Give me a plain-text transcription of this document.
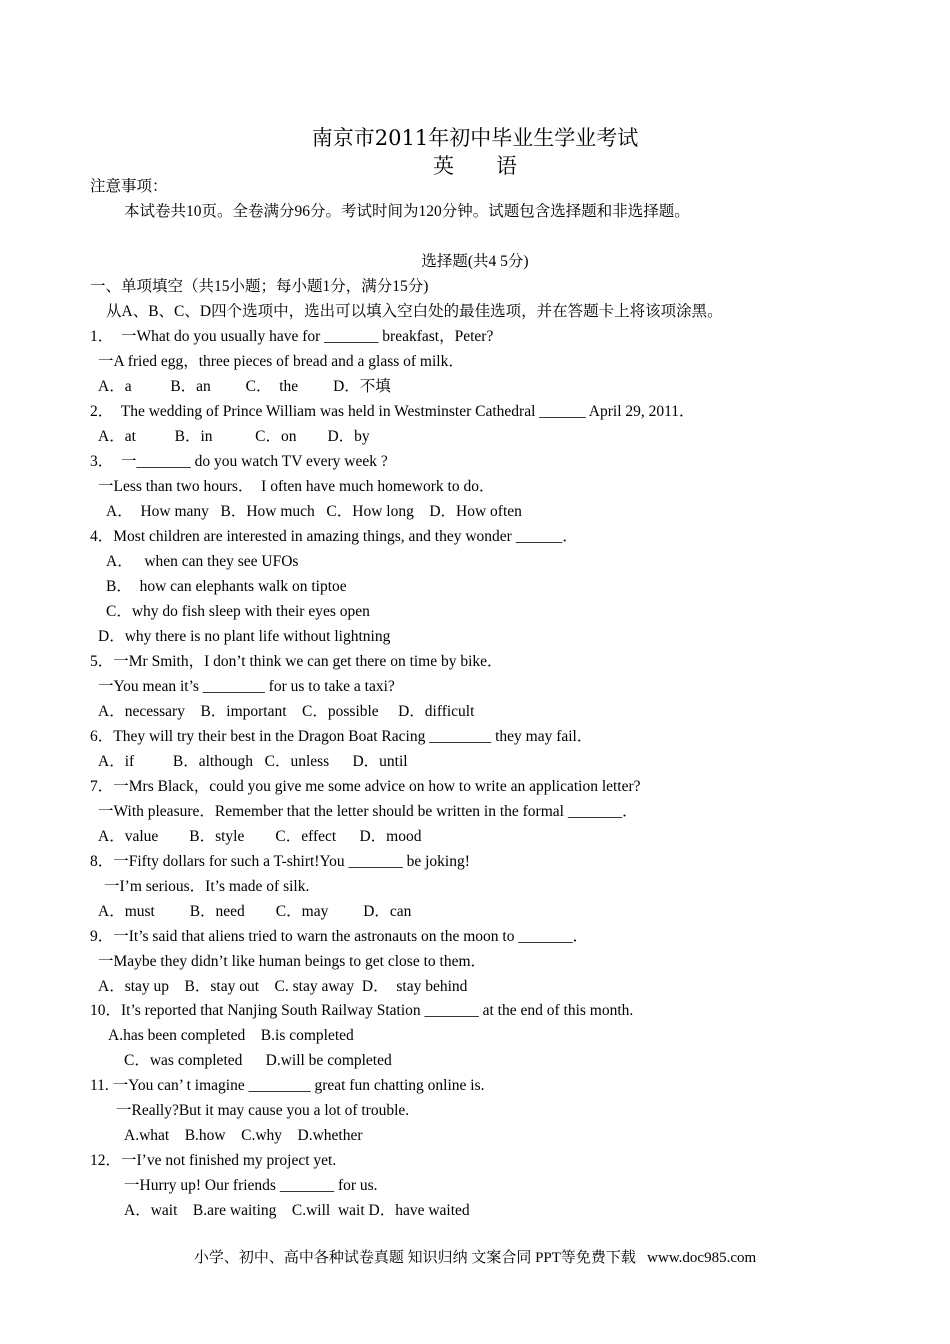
南京市2011年初中毕业生学业考试
英语
注意事项：
本试卷共10页。全卷满分96分。考试时间为120分钟。试题包含选择题和非选择题。
选择题(共4 5分)
一、单项填空（共15小题；每小题1分，满分15分)
从A、B、C、D四个选项中，选出可以填入空白处的最佳选项，并在答题卡上将该项涂黑。
1．  一What do you usually have for _______ breakfast，Peter?
一A fried egg，three pieces of bread and a glass of milk．
A．a          B．an         C．  the         D．不填
2．  The wedding of Prince William was held in Westminster Cathedral ______ April 29, 2011．
A．at          B．in           C．on        D．by
3．  一_______ do you watch TV every week ?
一Less than two hours．  I often have much homework to do．
A．  How many   B．How much   C．How long    D．How often
4．Most children are interested in amazing things, and they wonder ______．
A．   when can they see UFOs
B．  how can elephants walk on tiptoe
C．why do fish sleep with their eyes open
D．why there is no plant life without lightning
5．一Mr Smith，I don’t think we can get there on time by bike．
一You mean it’s ________ for us to take a taxi?
A．necessary    B．important    C．possible     D．difficult
6．They will try their best in the Dragon Boat Racing ________ they may fail．
A．if          B．although   C．unless      D．until
7．一Mrs Black，could you give me some advice on how to write an application letter?
一With pleasure．Remember that the letter should be written in the formal _______．
A．value        B．style        C．effect      D．mood
8．一Fifty dollars for such a T-shirt!You _______ be joking!
一I’m serious．It’s made of silk.
A．must         B．need        C．may         D．can
9．一It’s said that aliens tried to warn the astronauts on the moon to _______．
一Maybe they didn’t like human beings to get close to them．
A．stay up    B．stay out    C. stay away  D．  stay behind
10．It’s reported that Nanjing South Railway Station _______ at the end of this month.
A.has been completed    B.is completed
C．was completed      D.will be completed
11. 一You can’ t imagine ________ great fun chatting online is.
一Really?But it may cause you a lot of trouble.
A.what    B.how    C.why    D.whether
12．一I’ve not finished my project yet.
一Hurry up! Our friends _______ for us.
A．wait    B.are waiting    C.will  wait D．have waited
小学、初中、高中各种试卷真题 知识归纳 文案合同 PPT等免费下载   www.doc985.com
